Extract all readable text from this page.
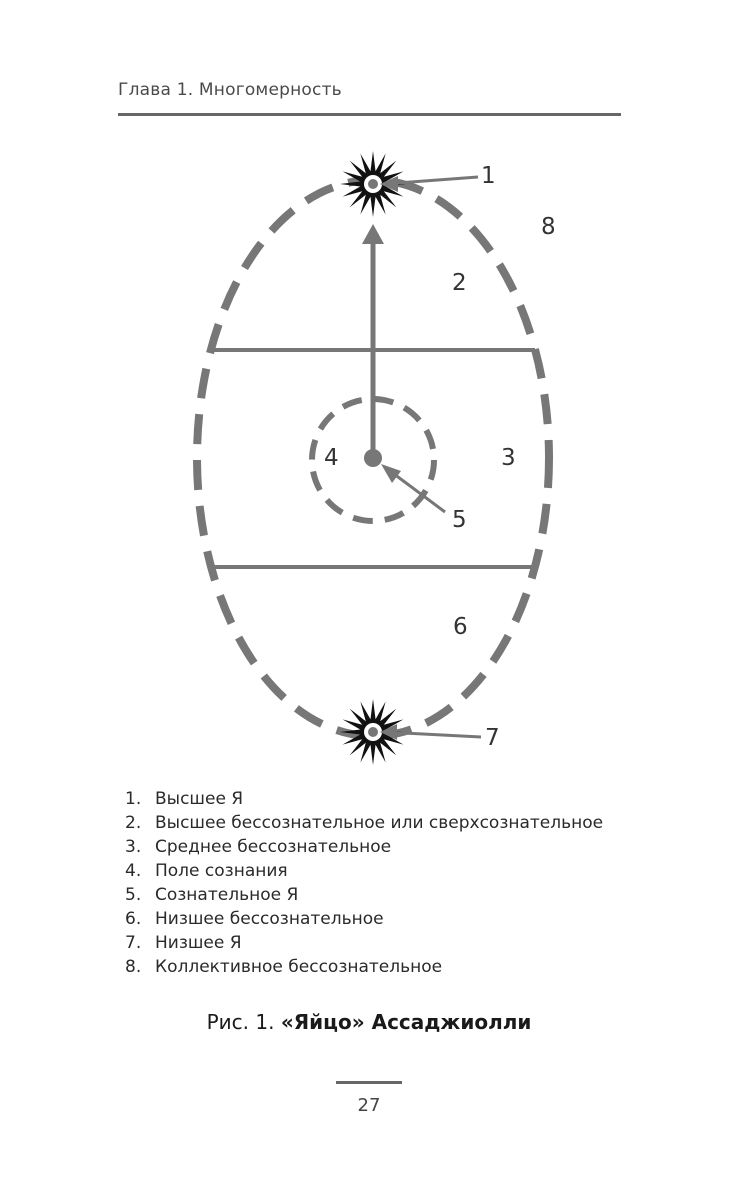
Глава 1. Многомерность
1
8
2
4	3
5
6
7
1. Высшее Я
2. Высшее бессознательное или сверхсознательное
3. Среднее бессознательное
4. Поле сознания
5. Сознательное Я
6. Низшее бессознательное
7. Низшее Я
8. Коллективное бессознательное
Рис. 1. «Яйцо» Ассаджиолли
27
